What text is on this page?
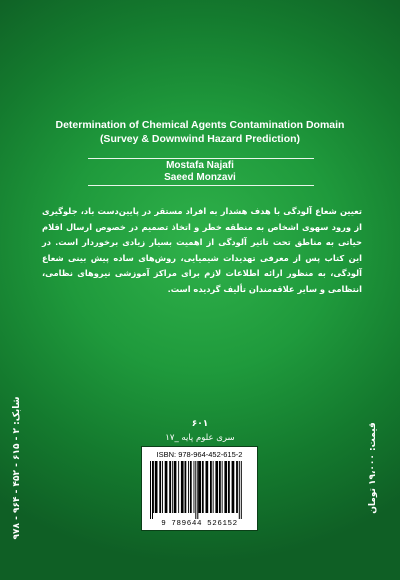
Determination of Chemical Agents Contamination Domain
(Survey & Downwind Hazard Prediction)
Mostafa Najafi
Saeed Monzavi
تعیین شعاع آلودگی با هدف هشدار به افراد مستقر در پایین‌دست باد، جلوگیری از ورود سهوی اشخاص به منطقه خطر و اتخاذ تصمیم در خصوص ارسال اقلام حیاتی به مناطق تحت تاثیر آلودگی از اهمیت بسیار زیادی برخوردار است. در این کتاب پس از معرفی تهدیدات شیمیایی، روش‌های ساده پیش بینی شعاع آلودگی، به منظور ارائه اطلاعات لازم برای مراکز آموزشی نیروهای نظامی، انتظامی و سایر علاقه‌مندان تألیف گردیده است.
۶۰۱
سری علوم پایه _۱۷
ISBN: 978-964-452-615-2
9 789644 526152
شابک: ۲ - ۶۱۵ - ۴۵۲ - ۹۶۴ - ۹۷۸
قیمت: ۱۹،۰۰۰ تومان
